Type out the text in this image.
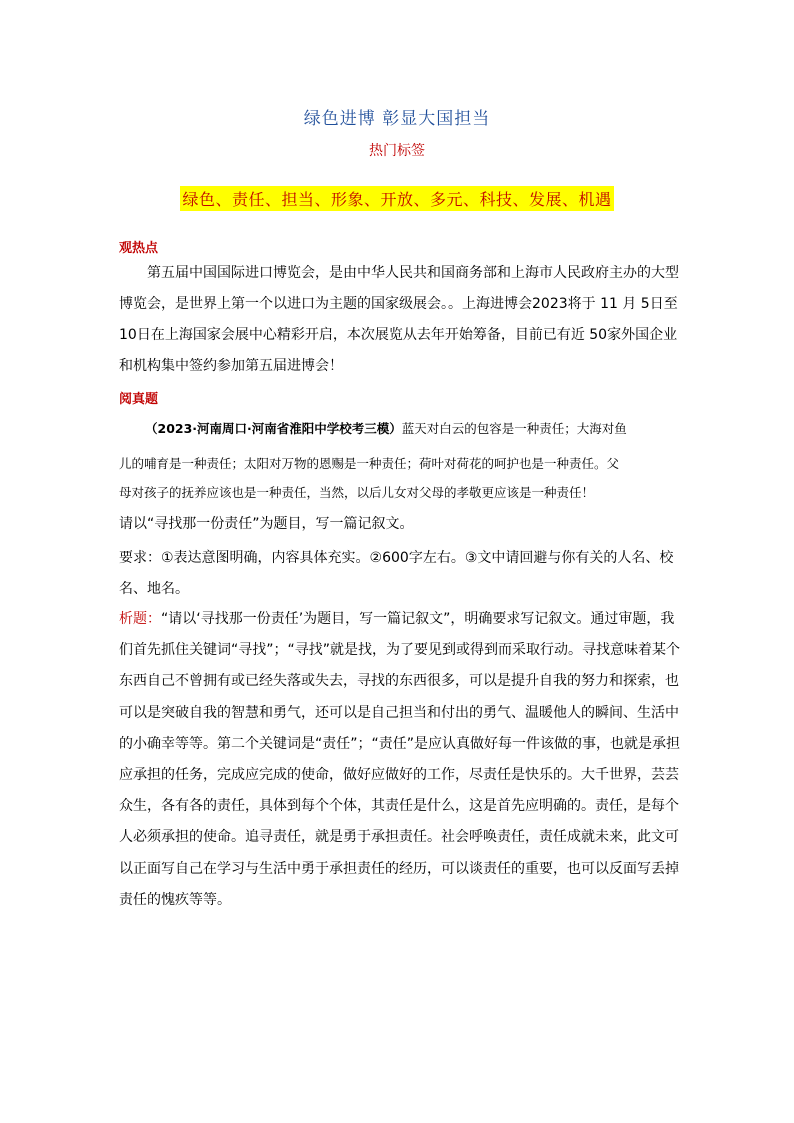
绿色进博 彰显大国担当
热门标签
绿色、责任、担当、形象、开放、多元、科技、发展、机遇
观热点
第五届中国国际进口博览会，是由中华人民共和国商务部和上海市人民政府主办的大型博览会，是世界上第一个以进口为主题的国家级展会。。上海进博会2023将于 11 月 5日至 10日在上海国家会展中心精彩开启，本次展览从去年开始筹备，目前已有近 50家外国企业和机构集中签约参加第五届进博会！
阅真题
（2023·河南周口·河南省淮阳中学校考三模）蓝天对白云的包容是一种责任；大海对鱼
儿的哺育是一种责任；太阳对万物的恩赐是一种责任；荷叶对荷花的呵护也是一种责任。父
母对孩子的抚养应该也是一种责任，当然，以后儿女对父母的孝敬更应该是一种责任！
请以“寻找那一份责任”为题目，写一篇记叙文。
要求：①表达意图明确，内容具体充实。②600字左右。③文中请回避与你有关的人名、校名、地名。
析题：“请以‘寻找那一份责任’为题目，写一篇记叙文”，明确要求写记叙文。通过审题，我们首先抓住关键词“寻找”；“寻找”就是找，为了要见到或得到而采取行动。寻找意味着某个东西自己不曾拥有或已经失落或失去，寻找的东西很多，可以是提升自我的努力和探索，也可以是突破自我的智慧和勇气，还可以是自己担当和付出的勇气、温暖他人的瞬间、生活中的小确幸等等。第二个关键词是“责任”；“责任”是应认真做好每一件该做的事，也就是承担应承担的任务，完成应完成的使命，做好应做好的工作，尽责任是快乐的。大千世界，芸芸众生，各有各的责任，具体到每个个体，其责任是什么，这是首先应明确的。责任，是每个人必须承担的使命。追寻责任，就是勇于承担责任。社会呼唤责任，责任成就未来，此文可以正面写自己在学习与生活中勇于承担责任的经历，可以谈责任的重要，也可以反面写丢掉责任的愧疚等等。
